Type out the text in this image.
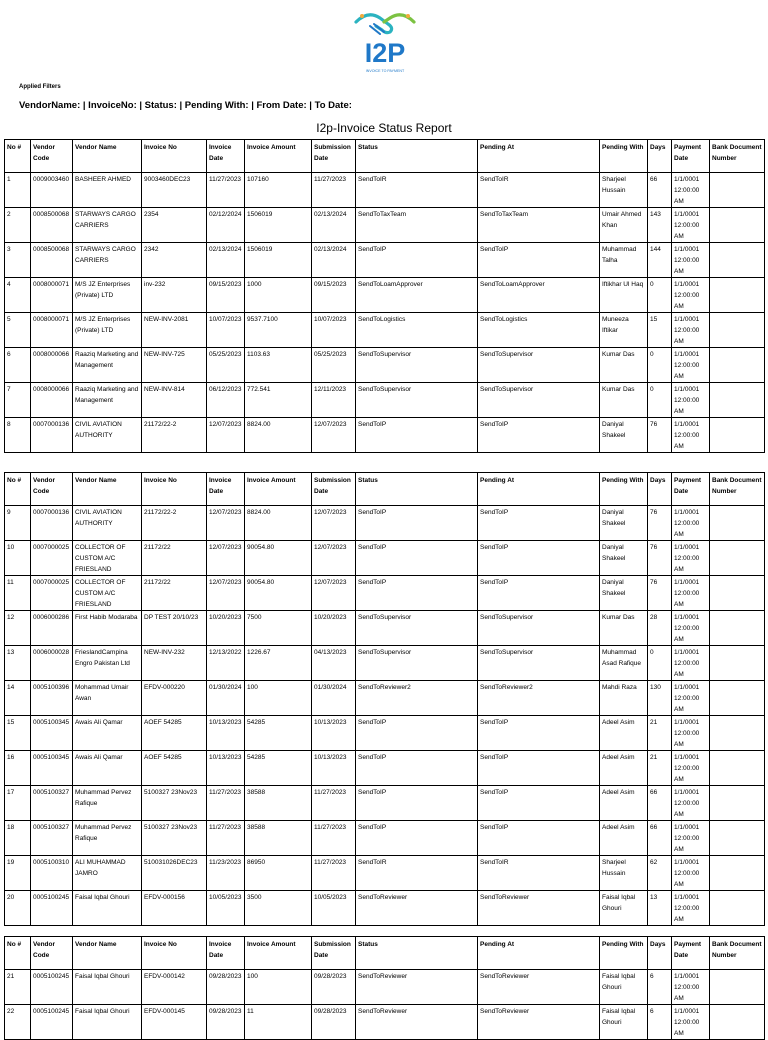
I2P
INVOICE TO PAYMENT
Applied Filters
VendorName: | InvoiceNo: | Status: | Pending With: | From Date: | To Date:
I2p-Invoice Status Report
No #	Vendor Code	Vendor Name	Invoice No	Invoice Date	Invoice Amount	Submission Date	Status	Pending At	Pending With	Days	Payment Date	Bank Document Number
1	0009003460	BASHEER AHMED	9003460DEC23	11/27/2023	107160	11/27/2023	SendToIR	SendToIR	Sharjeel Hussain	66	1/1/0001 12:00:00 AM	
2	0008500068	STARWAYS CARGO CARRIERS	2354	02/12/2024	1506019	02/13/2024	SendToTaxTeam	SendToTaxTeam	Umair Ahmed Khan	143	1/1/0001 12:00:00 AM	
3	0008500068	STARWAYS CARGO CARRIERS	2342	02/13/2024	1506019	02/13/2024	SendToIP	SendToIP	Muhammad Talha	144	1/1/0001 12:00:00 AM	
4	0008000071	M/S JZ Enterprises (Private) LTD	inv-232	09/15/2023	1000	09/15/2023	SendToLoamApprover	SendToLoamApprover	Iftikhar Ul Haq	0	1/1/0001 12:00:00 AM	
5	0008000071	M/S JZ Enterprises (Private) LTD	NEW-INV-2081	10/07/2023	9537.7100	10/07/2023	SendToLogistics	SendToLogistics	Muneeza Iftikar	15	1/1/0001 12:00:00 AM	
6	0008000066	Raaziq Marketing and Management	NEW-INV-725	05/25/2023	1103.63	05/25/2023	SendToSupervisor	SendToSupervisor	Kumar Das	0	1/1/0001 12:00:00 AM	
7	0008000066	Raaziq Marketing and Management	NEW-INV-814	06/12/2023	772.541	12/11/2023	SendToSupervisor	SendToSupervisor	Kumar Das	0	1/1/0001 12:00:00 AM	
8	0007000136	CIVIL AVIATION AUTHORITY	21172/22-2	12/07/2023	8824.00	12/07/2023	SendToIP	SendToIP	Daniyal Shakeel	76	1/1/0001 12:00:00 AM	
No #	Vendor Code	Vendor Name	Invoice No	Invoice Date	Invoice Amount	Submission Date	Status	Pending At	Pending With	Days	Payment Date	Bank Document Number
9	0007000136	CIVIL AVIATION AUTHORITY	21172/22-2	12/07/2023	8824.00	12/07/2023	SendToIP	SendToIP	Daniyal Shakeel	76	1/1/0001 12:00:00 AM	
10	0007000025	COLLECTOR OF CUSTOM A/C FRIESLAND	21172/22	12/07/2023	90054.80	12/07/2023	SendToIP	SendToIP	Daniyal Shakeel	76	1/1/0001 12:00:00 AM	
11	0007000025	COLLECTOR OF CUSTOM A/C FRIESLAND	21172/22	12/07/2023	90054.80	12/07/2023	SendToIP	SendToIP	Daniyal Shakeel	76	1/1/0001 12:00:00 AM	
12	0006000286	First Habib Modaraba	DP TEST 20/10/23	10/20/2023	7500	10/20/2023	SendToSupervisor	SendToSupervisor	Kumar Das	28	1/1/0001 12:00:00 AM	
13	0006000028	FrieslandCampina Engro Pakistan Ltd	NEW-INV-232	12/13/2022	1226.67	04/13/2023	SendToSupervisor	SendToSupervisor	Muhammad Asad Rafique	0	1/1/0001 12:00:00 AM	
14	0005100396	Mohammad Umair Awan	EFDV-000220	01/30/2024	100	01/30/2024	SendToReviewer2	SendToReviewer2	Mahdi Raza	130	1/1/0001 12:00:00 AM	
15	0005100345	Awais Ali Qamar	AOEF 54285	10/13/2023	54285	10/13/2023	SendToIP	SendToIP	Adeel Asim	21	1/1/0001 12:00:00 AM	
16	0005100345	Awais Ali Qamar	AOEF 54285	10/13/2023	54285	10/13/2023	SendToIP	SendToIP	Adeel Asim	21	1/1/0001 12:00:00 AM	
17	0005100327	Muhammad Pervez Rafique	5100327 23Nov23	11/27/2023	38588	11/27/2023	SendToIP	SendToIP	Adeel Asim	66	1/1/0001 12:00:00 AM	
18	0005100327	Muhammad Pervez Rafique	5100327 23Nov23	11/27/2023	38588	11/27/2023	SendToIP	SendToIP	Adeel Asim	66	1/1/0001 12:00:00 AM	
19	0005100310	ALI MUHAMMAD JAMRO	510031026DEC23	11/23/2023	86950	11/27/2023	SendToIR	SendToIR	Sharjeel Hussain	62	1/1/0001 12:00:00 AM	
20	0005100245	Faisal Iqbal Ghouri	EFDV-000156	10/05/2023	3500	10/05/2023	SendToReviewer	SendToReviewer	Faisal Iqbal Ghouri	13	1/1/0001 12:00:00 AM	
No #	Vendor Code	Vendor Name	Invoice No	Invoice Date	Invoice Amount	Submission Date	Status	Pending At	Pending With	Days	Payment Date	Bank Document Number
21	0005100245	Faisal Iqbal Ghouri	EFDV-000142	09/28/2023	100	09/28/2023	SendToReviewer	SendToReviewer	Faisal Iqbal Ghouri	6	1/1/0001 12:00:00 AM	
22	0005100245	Faisal Iqbal Ghouri	EFDV-000145	09/28/2023	11	09/28/2023	SendToReviewer	SendToReviewer	Faisal Iqbal Ghouri	6	1/1/0001 12:00:00 AM	
